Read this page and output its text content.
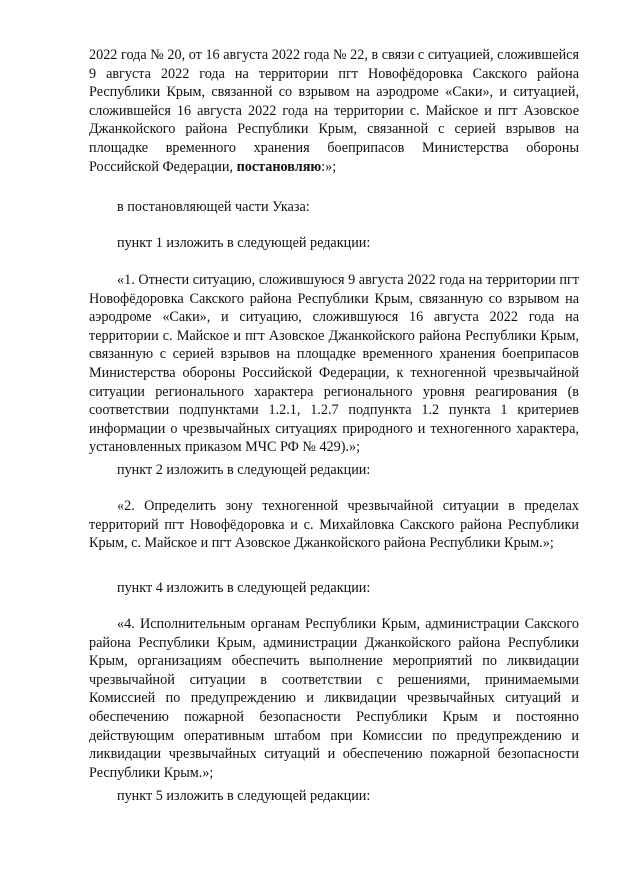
2022 года № 20, от 16 августа 2022 года № 22, в связи с ситуацией, сложившейся 9 августа 2022 года на территории пгт Новофёдоровка Сакского района Республики Крым, связанной со взрывом на аэродроме «Саки», и ситуацией, сложившейся 16 августа 2022 года на территории с. Майское и пгт Азовское Джанкойского района Республики Крым, связанной с серией взрывов на площадке временного хранения боеприпасов Министерства обороны Российской Федерации, постановляю:»;

в постановляющей части Указа:

пункт 1 изложить в следующей редакции:

«1. Отнести ситуацию, сложившуюся 9 августа 2022 года на территории пгт Новофёдоровка Сакского района Республики Крым, связанную со взрывом на аэродроме «Саки», и ситуацию, сложившуюся 16 августа 2022 года на территории с. Майское и пгт Азовское Джанкойского района Республики Крым, связанную с серией взрывов на площадке временного хранения боеприпасов Министерства обороны Российской Федерации, к техногенной чрезвычайной ситуации регионального характера регионального уровня реагирования (в соответствии подпунктами 1.2.1, 1.2.7 подпункта 1.2 пункта 1 критериев информации о чрезвычайных ситуациях природного и техногенного характера, установленных приказом МЧС РФ № 429).»;

пункт 2 изложить в следующей редакции:

«2. Определить зону техногенной чрезвычайной ситуации в пределах территорий пгт Новофёдоровка и с. Михайловка Сакского района Республики Крым, с. Майское и пгт Азовское Джанкойского района Республики Крым.»;

пункт 4 изложить в следующей редакции:

«4. Исполнительным органам Республики Крым, администрации Сакского района Республики Крым, администрации Джанкойского района Республики Крым, организациям обеспечить выполнение мероприятий по ликвидации чрезвычайной ситуации в соответствии с решениями, принимаемыми Комиссией по предупреждению и ликвидации чрезвычайных ситуаций и обеспечению пожарной безопасности Республики Крым и постоянно действующим оперативным штабом при Комиссии по предупреждению и ликвидации чрезвычайных ситуаций и обеспечению пожарной безопасности Республики Крым.»;

пункт 5 изложить в следующей редакции:
